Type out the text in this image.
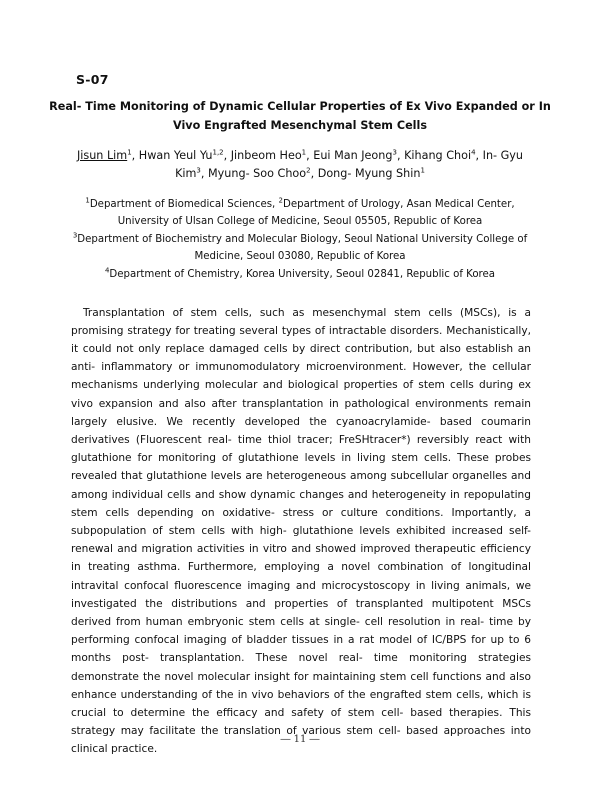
S-07
Real- Time Monitoring of Dynamic Cellular Properties of Ex Vivo Expanded or In Vivo Engrafted Mesenchymal Stem Cells
Jisun Lim$^1$, Hwan Yeul Yu$^{1,2}$, Jinbeom Heo$^1$, Eui Man Jeong$^3$, Kihang Choi$^4$, In- Gyu Kim$^3$, Myung- Soo Choo$^2$, Dong- Myung Shin$^1$
$^1$Department of Biomedical Sciences, $^2$Department of Urology, Asan Medical Center, University of Ulsan College of Medicine, Seoul 05505, Republic of Korea
$^3$Department of Biochemistry and Molecular Biology, Seoul National University College of Medicine, Seoul 03080, Republic of Korea
$^4$Department of Chemistry, Korea University, Seoul 02841, Republic of Korea

Transplantation of stem cells, such as mesenchymal stem cells (MSCs), is a promising strategy for treating several types of intractable disorders. Mechanistically, it could not only replace damaged cells by direct contribution, but also establish an anti- inflammatory or immunomodulatory microenvironment. However, the cellular mechanisms underlying molecular and biological properties of stem cells during ex vivo expansion and also after transplantation in pathological environments remain largely elusive. We recently developed the cyanoacrylamide- based coumarin derivatives (Fluorescent real- time thiol tracer; FreSHtracer*) reversibly react with glutathione for monitoring of glutathione levels in living stem cells. These probes revealed that glutathione levels are heterogeneous among subcellular organelles and among individual cells and show dynamic changes and heterogeneity in repopulating stem cells depending on oxidative- stress or culture conditions. Importantly, a subpopulation of stem cells with high- glutathione levels exhibited increased self- renewal and migration activities in vitro and showed improved therapeutic efficiency in treating asthma. Furthermore, employing a novel combination of longitudinal intravital confocal fluorescence imaging and microcystoscopy in living animals, we investigated the distributions and properties of transplanted multipotent MSCs derived from human embryonic stem cells at single- cell resolution in real- time by performing confocal imaging of bladder tissues in a rat model of IC/BPS for up to 6 months post- transplantation. These novel real- time monitoring strategies demonstrate the novel molecular insight for maintaining stem cell functions and also enhance understanding of the in vivo behaviors of the engrafted stem cells, which is crucial to determine the efficacy and safety of stem cell- based therapies. This strategy may facilitate the translation of various stem cell- based approaches into clinical practice.

― 11 ―
